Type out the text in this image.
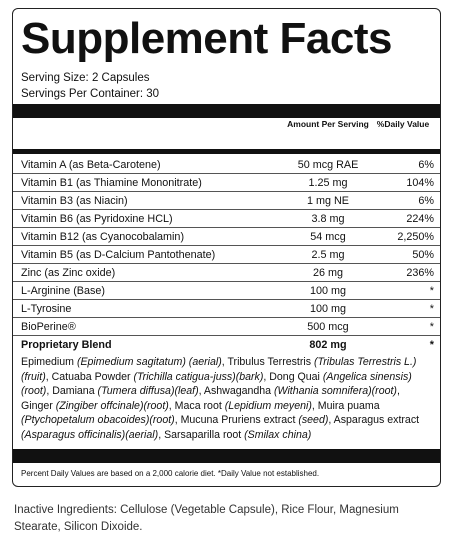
Supplement Facts
Serving Size: 2 Capsules
Servings Per Container: 30
Amount Per Serving %Daily Value
Vitamin A (as Beta-Carotene)	50 mcg RAE	6%
Vitamin B1 (as Thiamine Mononitrate)	1.25 mg	104%
Vitamin B3 (as Niacin)	1 mg NE	6%
Vitamin B6 (as Pyridoxine HCL)	3.8 mg	224%
Vitamin B12 (as Cyanocobalamin)	54 mcg	2,250%
Vitamin B5 (as D-Calcium Pantothenate)	2.5 mg	50%
Zinc (as Zinc oxide)	26 mg	236%
L-Arginine (Base)	100 mg	*
L-Tyrosine	100 mg	*
BioPerine®	500 mcg	*
Proprietary Blend	802 mg	*
Epimedium (Epimedium sagitatum) (aerial), Tribulus Terrestris (Tribulas Terrestris L.) (fruit), Catuaba Powder (Trichilla catigua-juss)(bark), Dong Quai (Angelica sinensis)(root), Damiana (Tumera diffusa)(leaf), Ashwagandha (Withania somnifera)(root), Ginger (Zingiber offcinale)(root), Maca root (Lepidium meyeni), Muira puama (Ptychopetalum obacoides)(root), Mucuna Pruriens extract (seed), Asparagus extract (Asparagus officinalis)(aerial), Sarsaparilla root (Smilax china)
Percent Daily Values are based on a 2,000 calorie diet. *Daily Value not established.
Inactive Ingredients: Cellulose (Vegetable Capsule), Rice Flour, Magnesium Stearate, Silicon Dixoide.
